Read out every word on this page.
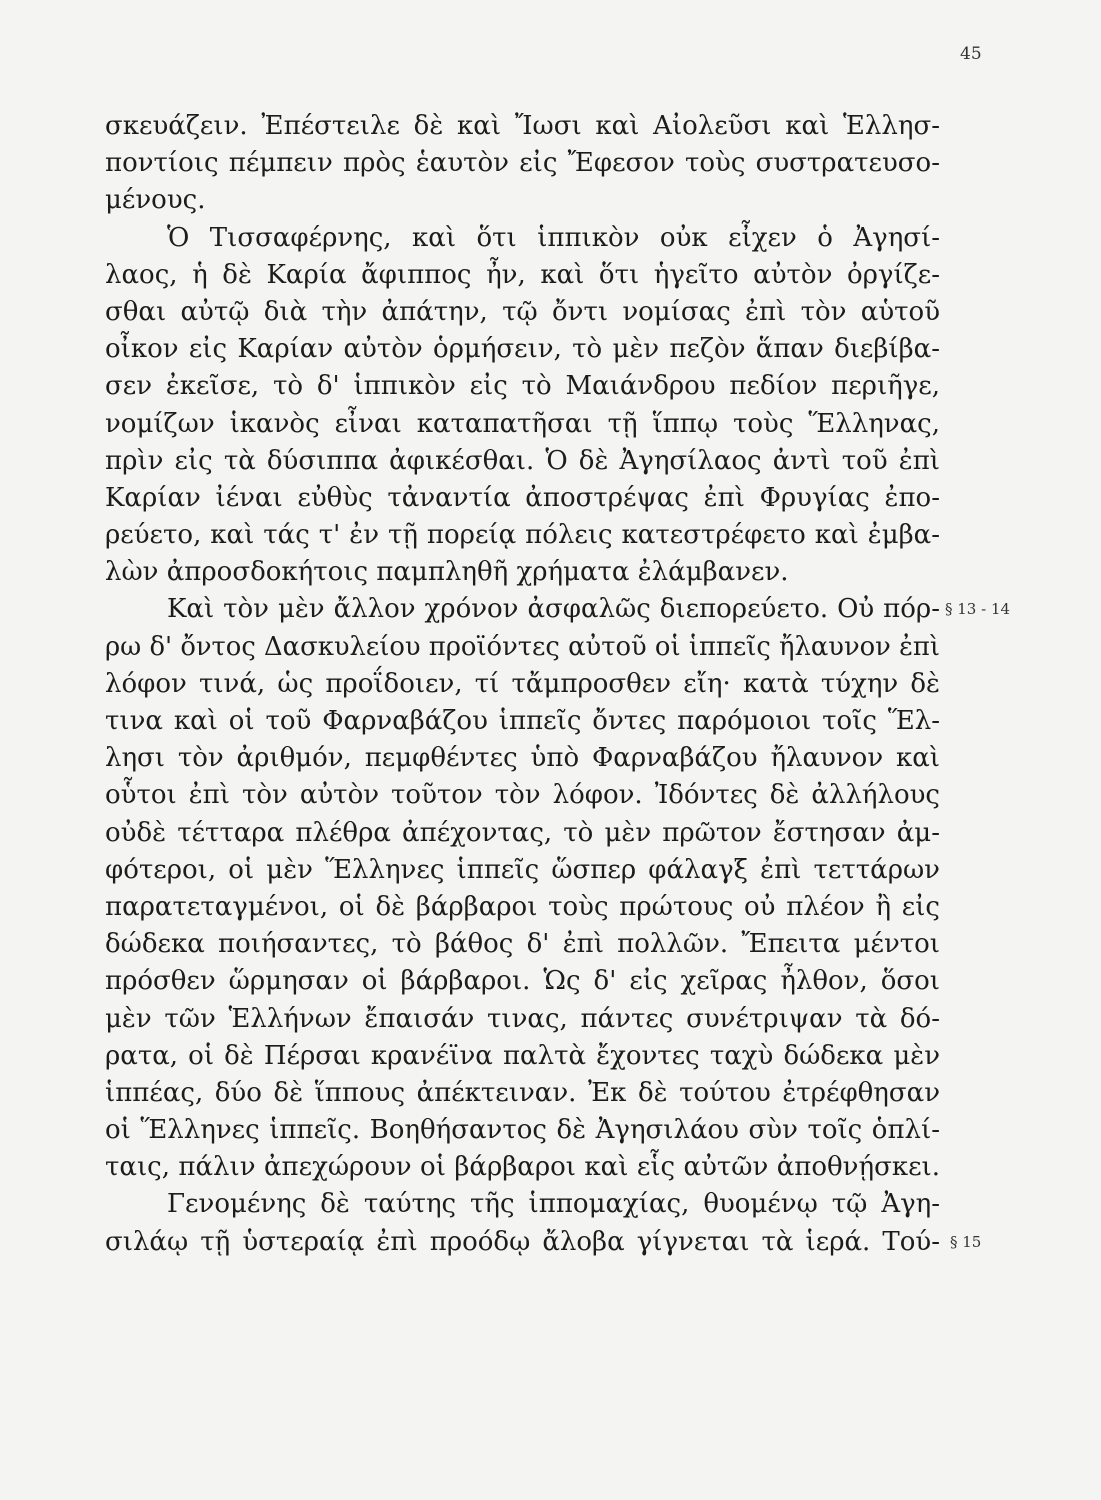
45
σκευάζειν. Ἐπέστειλε δὲ καὶ Ἴωσι καὶ Αἰολεῦσι καὶ Ἑλλησ-
ποντίοις πέμπειν πρὸς ἑαυτὸν εἰς Ἔφεσον τοὺς συστρατευσο-
μένους.
Ὁ Τισσαφέρνης, καὶ ὅτι ἱππικὸν οὐκ εἶχεν ὁ Ἀγησί-
λαος, ἡ δὲ Καρία ἄφιππος ἦν, καὶ ὅτι ἡγεῖτο αὐτὸν ὀργίζε-
σθαι αὐτῷ διὰ τὴν ἀπάτην, τῷ ὄντι νομίσας ἐπὶ τὸν αὑτοῦ
οἶκον εἰς Καρίαν αὐτὸν ὁρμήσειν, τὸ μὲν πεζὸν ἅπαν διεβίβα-
σεν ἐκεῖσε, τὸ δ' ἱππικὸν εἰς τὸ Μαιάνδρου πεδίον περιῆγε,
νομίζων ἱκανὸς εἶναι καταπατῆσαι τῇ ἵππῳ τοὺς Ἕλληνας,
πρὶν εἰς τὰ δύσιππα ἀφικέσθαι. Ὁ δὲ Ἀγησίλαος ἀντὶ τοῦ ἐπὶ
Καρίαν ἰέναι εὐθὺς τἀναντία ἀποστρέψας ἐπὶ Φρυγίας ἐπο-
ρεύετο, καὶ τάς τ' ἐν τῇ πορείᾳ πόλεις κατεστρέφετο καὶ ἐμβα-
λὼν ἀπροσδοκήτοις παμπληθῆ χρήματα ἐλάμβανεν.
Καὶ τὸν μὲν ἄλλον χρόνον ἀσφαλῶς διεπορεύετο. Οὐ πόρ- § 13 - 14
ρω δ' ὄντος Δασκυλείου προϊόντες αὐτοῦ οἱ ἱππεῖς ἤλαυνον ἐπὶ
λόφον τινά, ὡς προΐδοιεν, τί τἄμπροσθεν εἴη· κατὰ τύχην δὲ
τινα καὶ οἱ τοῦ Φαρναβάζου ἱππεῖς ὄντες παρόμοιοι τοῖς Ἕλ-
λησι τὸν ἀριθμόν, πεμφθέντες ὑπὸ Φαρναβάζου ἤλαυνον καὶ
οὗτοι ἐπὶ τὸν αὐτὸν τοῦτον τὸν λόφον. Ἰδόντες δὲ ἀλλήλους
οὐδὲ τέτταρα πλέθρα ἀπέχοντας, τὸ μὲν πρῶτον ἔστησαν ἀμ-
φότεροι, οἱ μὲν Ἕλληνες ἱππεῖς ὥσπερ φάλαγξ ἐπὶ τεττάρων
παρατεταγμένοι, οἱ δὲ βάρβαροι τοὺς πρώτους οὐ πλέον ἢ εἰς
δώδεκα ποιήσαντες, τὸ βάθος δ' ἐπὶ πολλῶν. Ἔπειτα μέντοι
πρόσθεν ὥρμησαν οἱ βάρβαροι. Ὡς δ' εἰς χεῖρας ἦλθον, ὅσοι
μὲν τῶν Ἑλλήνων ἔπαισάν τινας, πάντες συνέτριψαν τὰ δό-
ρατα, οἱ δὲ Πέρσαι κρανέϊνα παλτὰ ἔχοντες ταχὺ δώδεκα μὲν
ἱππέας, δύο δὲ ἵππους ἀπέκτειναν. Ἐκ δὲ τούτου ἐτρέφθησαν
οἱ Ἕλληνες ἱππεῖς. Βοηθήσαντος δὲ Ἀγησιλάου σὺν τοῖς ὁπλί-
ταις, πάλιν ἀπεχώρουν οἱ βάρβαροι καὶ εἷς αὐτῶν ἀποθνῄσκει.
Γενομένης δὲ ταύτης τῆς ἱππομαχίας, θυομένῳ τῷ Ἀγη-
σιλάῳ τῇ ὑστεραίᾳ ἐπὶ προόδῳ ἄλοβα γίγνεται τὰ ἱερά. Τού- § 15
